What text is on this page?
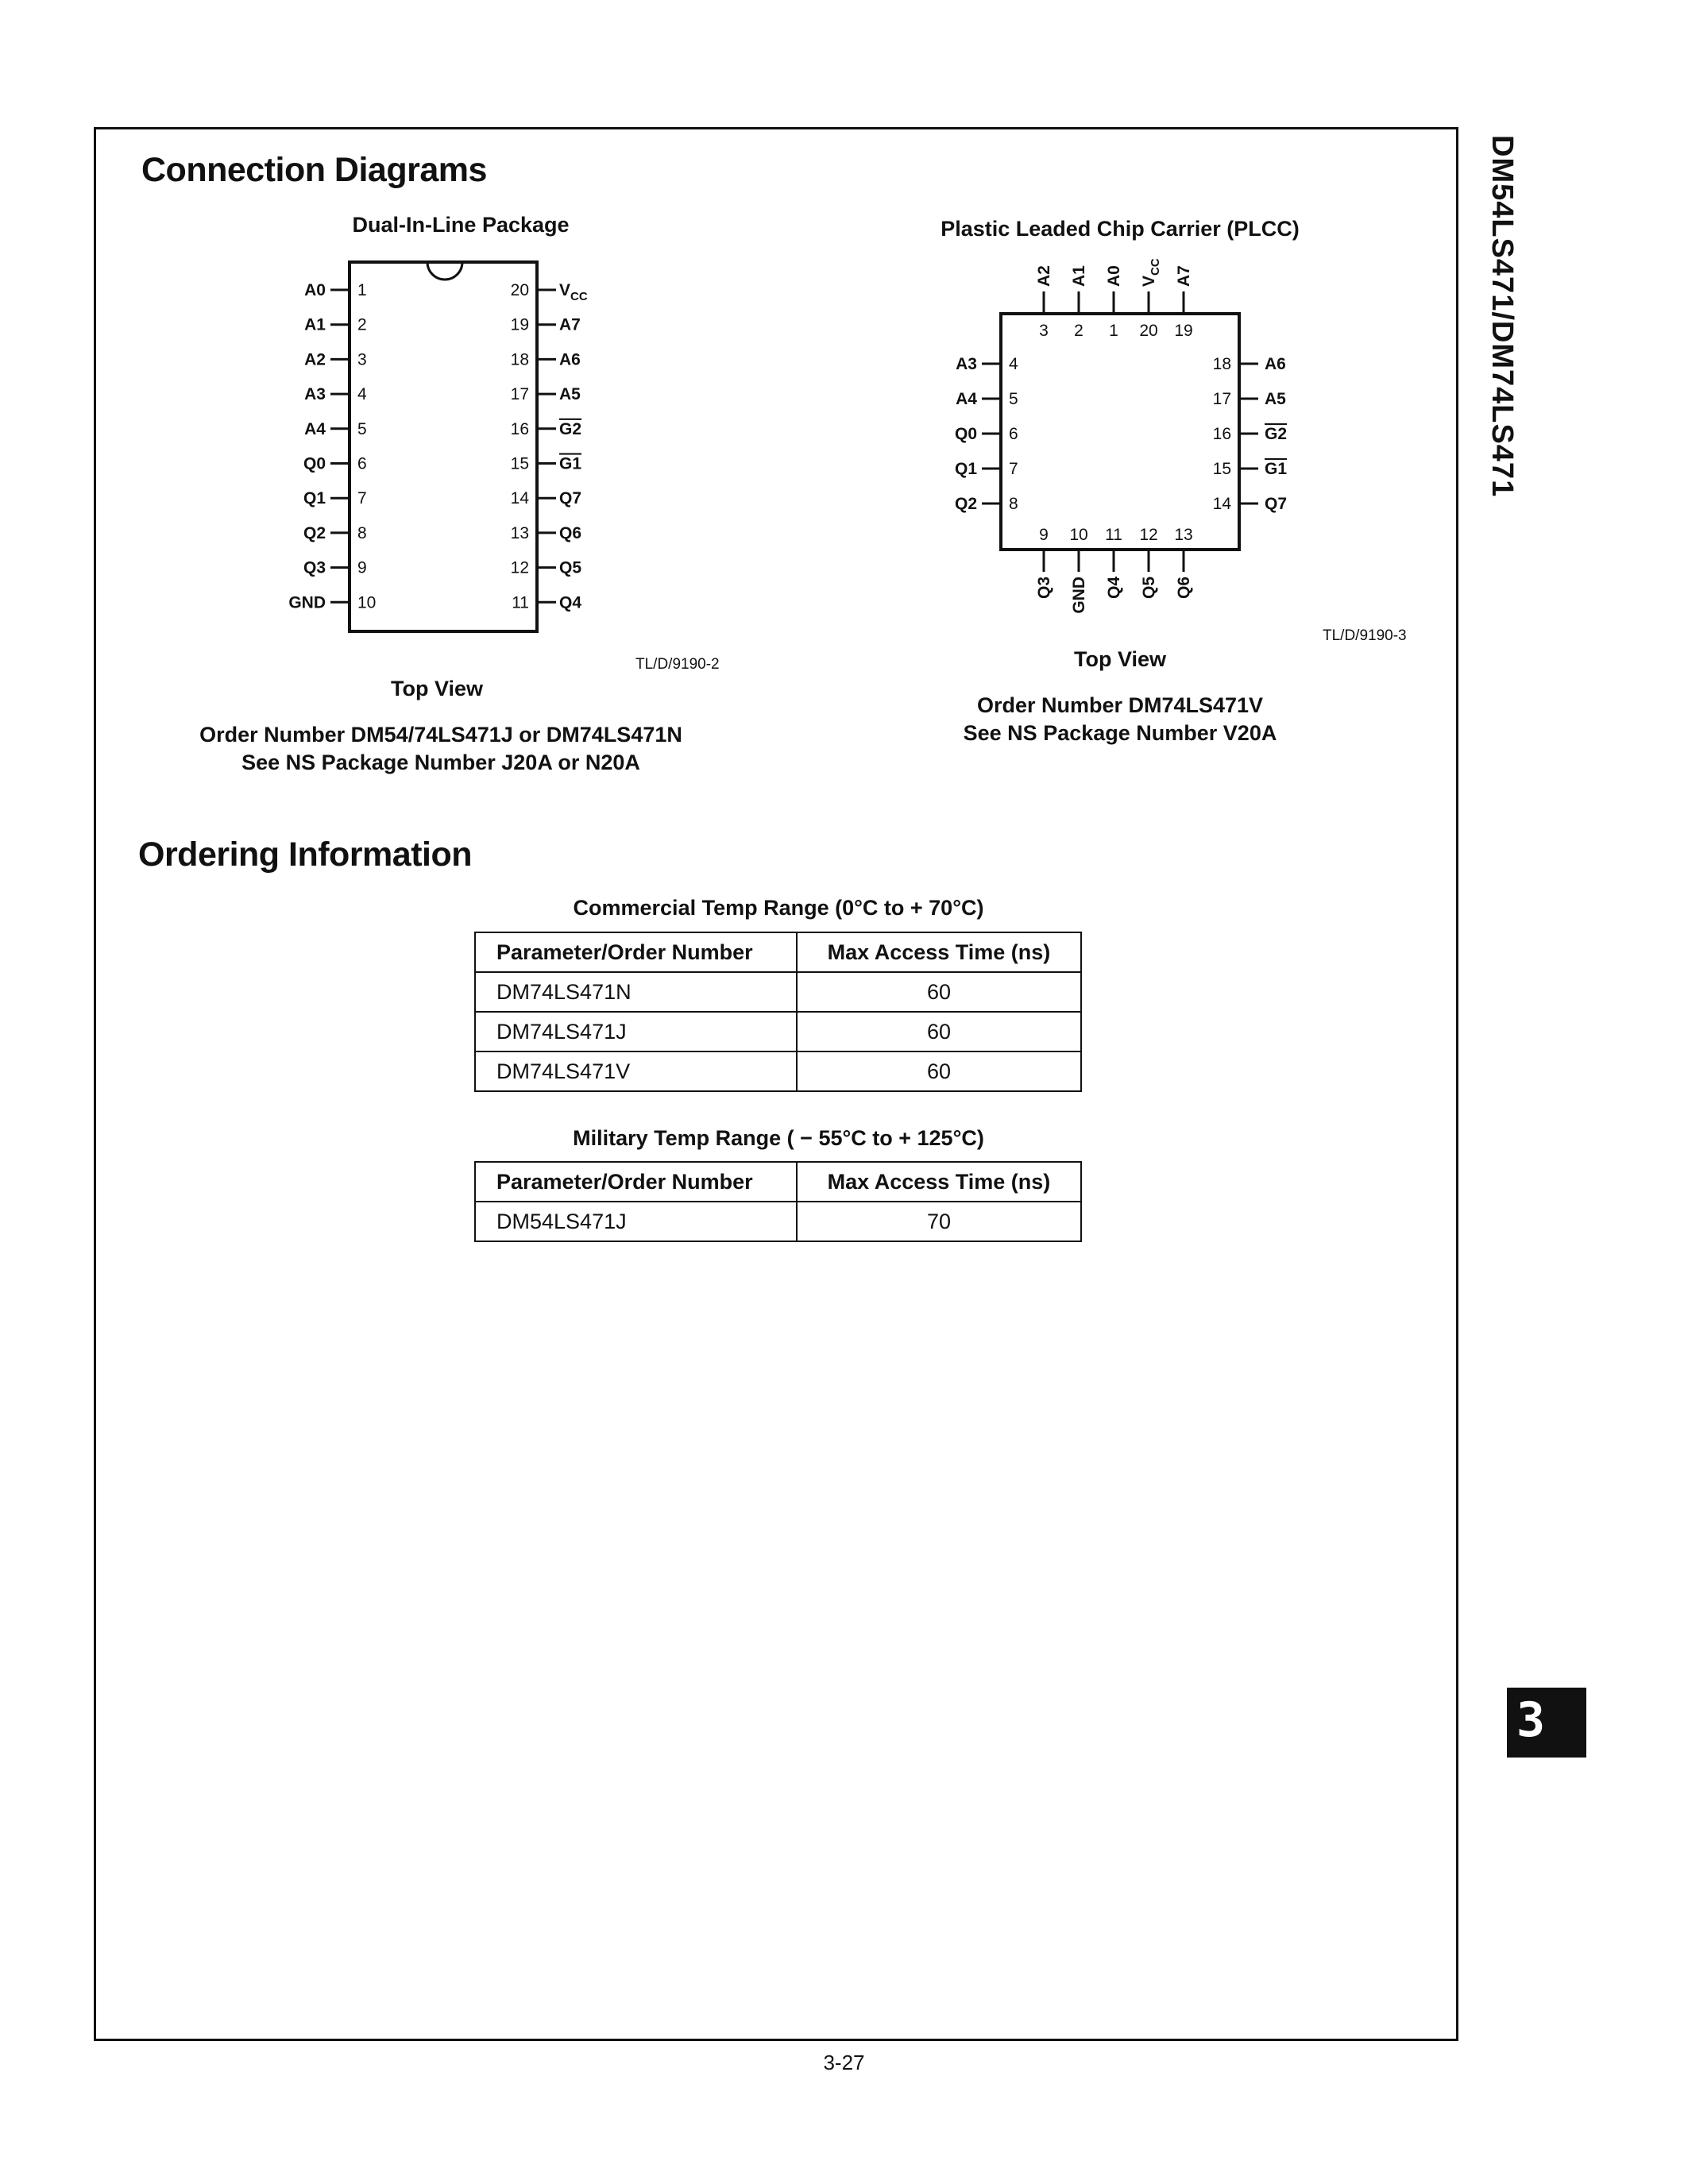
DM54LS471/DM74LS471
3
Connection Diagrams
Dual-In-Line Package
A0 1
A1 2
A2 3
A3 4
A4 5
Q0 6
Q1 7
Q2 8
Q3 9
GND 10
$V_{CC}$
20
A7
19
A6
18
A5
17
G2
16
G1
15
Q7
14
Q6
13
Q5
12
Q4
11
TL/D/9190-2
Top View
Order Number DM54/74LS471J or DM74LS471N
See NS Package Number J20A or N20A
Plastic Leaded Chip Carrier (PLCC)
A2
3
A1
2
A0
1
$V_{CC}$
20
A7
19
Q3
9
GND
10
Q4
11
Q5
12
Q6
13
A3 4
A4 5
Q0 6
Q1 7
Q2 8
A6
18
A5
17
G2
16
G1
15
Q7
14
TL/D/9190-3
Top View
Order Number DM74LS471V
See NS Package Number V20A
Ordering Information
Commercial Temp Range (0°C to + 70°C)
Parameter/Order Number	Max Access Time (ns)
DM74LS471N	60
DM74LS471J	60
DM74LS471V	60
Military Temp Range ( − 55°C to + 125°C)
Parameter/Order Number	Max Access Time (ns)
DM54LS471J	70
3-27
